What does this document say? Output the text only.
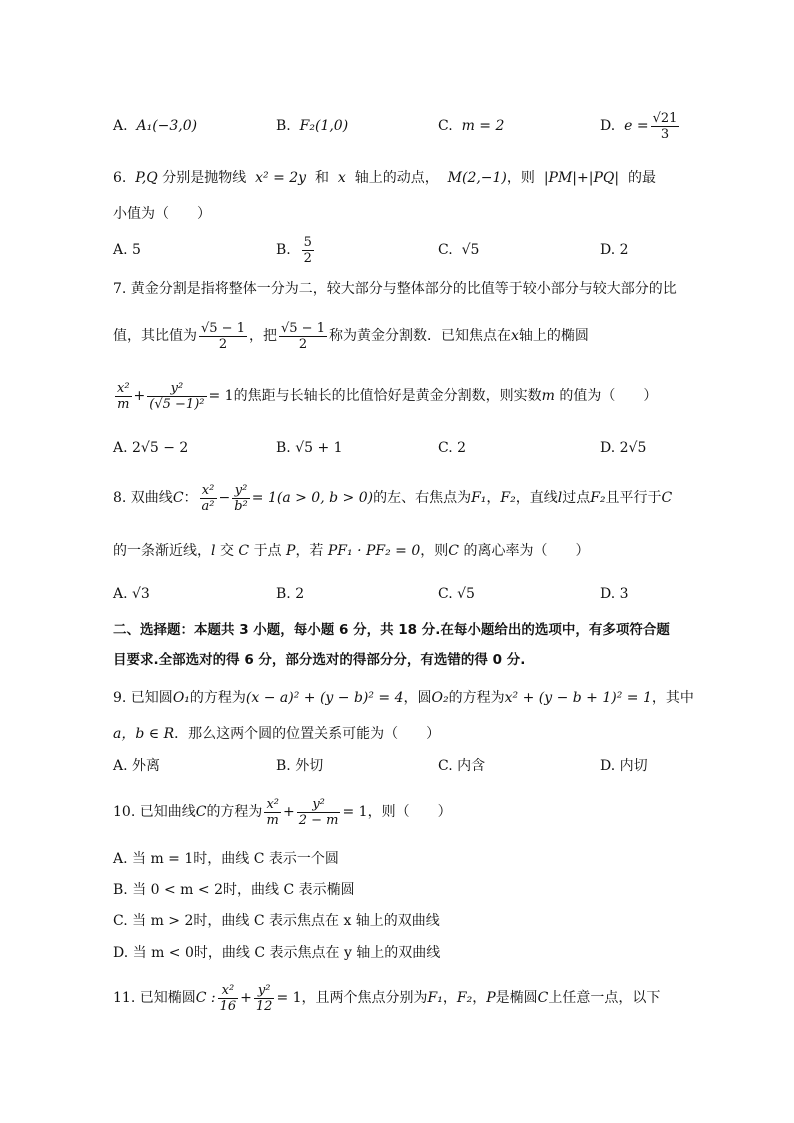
A. A₁(−3,0)	B. F₂(1,0)	C. m = 2	D. $e = \frac{√21}{3}$
6. P,Q 分别是抛物线 x² = 2y 和 x 轴上的动点， M(2,−1)，则 |PM|+|PQ| 的最
小值为（　　）
A. 5	B. $\frac{5}{2}$	C. √5	D. 2
7. 黄金分割是指将整体一分为二，较大部分与整体部分的比值等于较小部分与较大部分的比
值，其比值为 $\frac{√5 - 1}{2}$ ，把 $\frac{√5 - 1}{2}$ 称为黄金分割数．已知焦点在x轴上的椭圆
$\frac{\text{x²}}{m} + \frac{\text{y²}}{\text{(√5 −1)²}} = 1$的焦距与长轴长的比值恰好是黄金分割数，则实数m 的值为（　　）
A. 2√5 − 2	B. √5 + 1	C. 2	D. 2√5
8. 双曲线C： $\frac{\text{x²}}{\text{a²}} - \frac{\text{y²}}{\text{b²}} = 1(a > 0$, b > 0)的左、右焦点为F₁，F₂，直线l过点F₂且平行于C
的一条渐近线，l 交 C 于点 P，若 PF₁ · PF₂ = 0，则C 的离心率为（　　）
A. √3	B. 2	C. √5	D. 3
二、选择题：本题共 3 小题，每小题 6 分，共 18 分.在每小题给出的选项中，有多项符合题
目要求.全部选对的得 6 分，部分选对的得部分分，有选错的得 0 分.
9. 已知圆O₁的方程为(x − a)² + (y − b)² = 4，圆O₂的方程为x² + (y − b + 1)² = 1，其中
a，b ∈ R．那么这两个圆的位置关系可能为（　　）
A. 外离	B. 外切	C. 内含	D. 内切
10. 已知曲线C的方程为 $\frac{\text{x²}}{m} + \frac{\text{y²}}{2 - m} = 1$，则（　　）
A. 当 m = 1时，曲线 C 表示一个圆
B. 当 0 < m < 2时，曲线 C 表示椭圆
C. 当 m > 2时，曲线 C 表示焦点在 x 轴上的双曲线
D. 当 m < 0时，曲线 C 表示焦点在 y 轴上的双曲线
11. 已知椭圆C : $\frac{\text{x²}}{16} + \frac{\text{y²}}{12} = 1$，且两个焦点分别为F₁，F₂，P是椭圆C上任意一点，以下
